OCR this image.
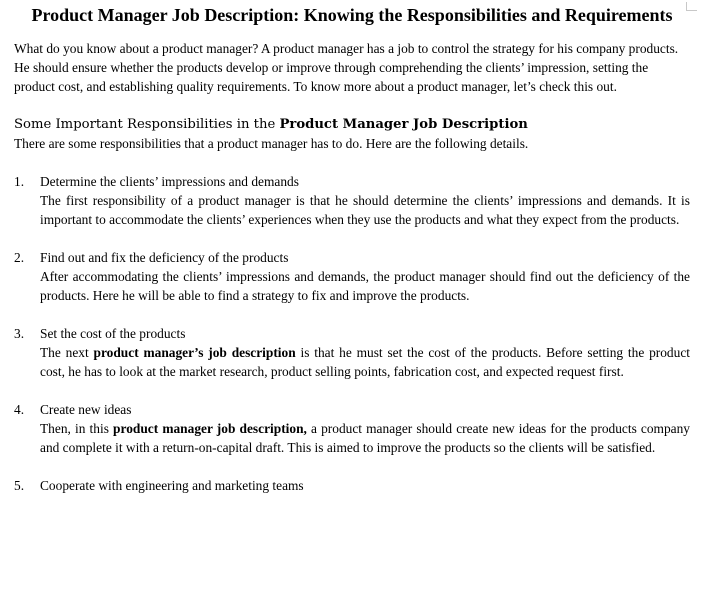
Product Manager Job Description: Knowing the Responsibilities and Requirements

What do you know about a product manager? A product manager has a job to control the strategy for his company products. He should ensure whether the products develop or improve through comprehending the clients’ impression, setting the product cost, and establishing quality requirements. To know more about a product manager, let’s check this out.

Some Important Responsibilities in the Product Manager Job Description

There are some responsibilities that a product manager has to do. Here are the following details.

1. Determine the clients’ impressions and demands

The first responsibility of a product manager is that he should determine the clients’ impressions and demands. It is important to accommodate the clients’ experiences when they use the products and what they expect from the products.

2. Find out and fix the deficiency of the products

After accommodating the clients’ impressions and demands, the product manager should find out the deficiency of the products. Here he will be able to find a strategy to fix and improve the products.

3. Set the cost of the products

The next product manager’s job description is that he must set the cost of the products. Before setting the product cost, he has to look at the market research, product selling points, fabrication cost, and expected request first.

4. Create new ideas

Then, in this product manager job description, a product manager should create new ideas for the products company and complete it with a return-on-capital draft. This is aimed to improve the products so the clients will be satisfied.

5. Cooperate with engineering and marketing teams
